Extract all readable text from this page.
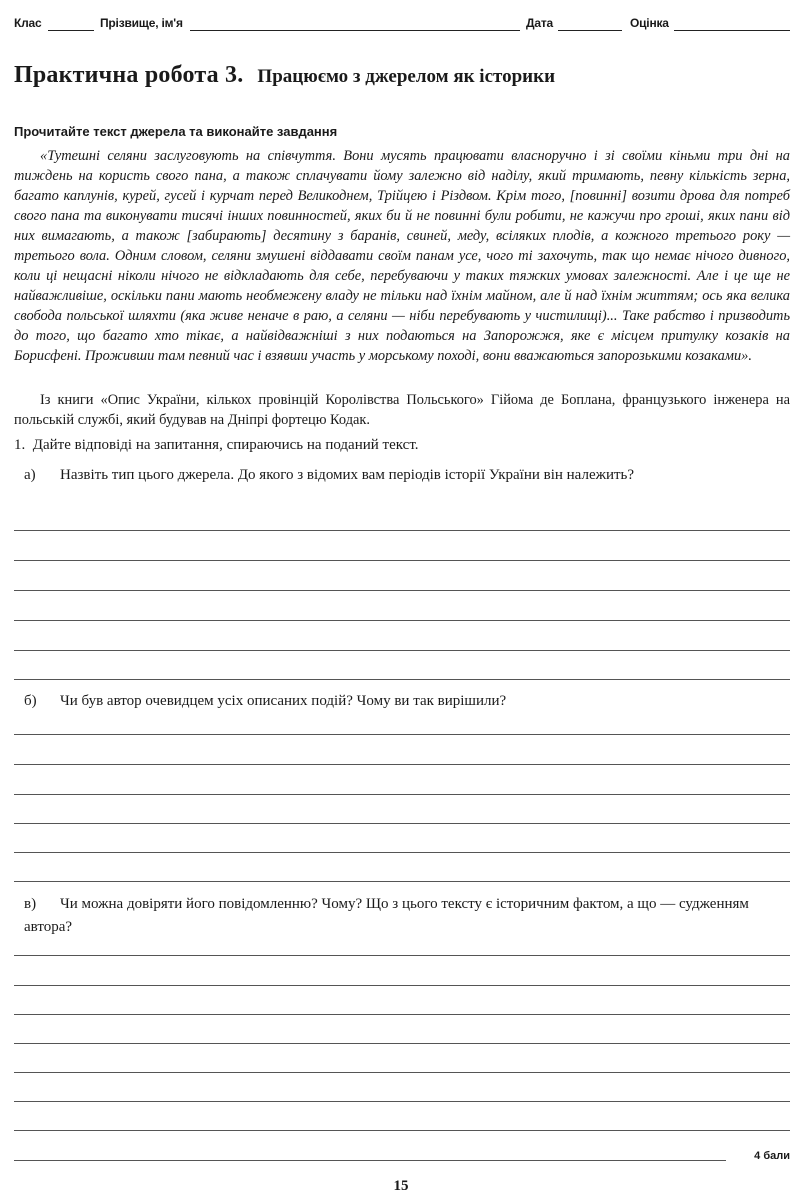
Клас	Прізвище, ім'я	Дата	Оцінка
Практична робота 3. Працюємо з джерелом як історики
Прочитайте текст джерела та виконайте завдання

«Тутешні селяни заслуговують на співчуття. Вони мусять працювати власноручно і зі своїми кіньми три дні на тиждень на користь свого пана, а також сплачувати йому залежно від наділу, який тримають, певну кількість зерна, багато каплунів, курей, гусей і курчат перед Великоднем, Трійцею і Різдвом. Крім того, [повинні] возити дрова для потреб свого пана та виконувати тисячі інших повинностей, яких би й не повинні були робити, не кажучи про гроші, яких пани від них вимагають, а також [забирають] десятину з баранів, свиней, меду, всіляких плодів, а кожного третього року — третього вола. Одним словом, селяни змушені віддавати своїм панам усе, чого ті захочуть, так що немає нічого дивного, коли ці нещасні ніколи нічого не відкладають для себе, перебуваючи у таких тяжких умовах залежності. Але і це ще не найважливіше, оскільки пани мають необмежену владу не тільки над їхнім майном, але й над їхнім життям; ось яка велика свобода польської шляхти (яка живе неначе в раю, а селяни — ніби перебувають у чистилищі)... Таке рабство і призводить до того, що багато хто тікає, а найвідважніші з них подаються на Запорожжя, яке є місцем притулку козаків на Борисфені. Проживши там певний час і взявши участь у морському поході, вони вважаються запорозькими козаками».

Із книги «Опис України, кількох провінцій Королівства Польського» Гійома де Боплана, французького інженера на польській службі, який будував на Дніпрі фортецю Кодак.

1. Дайте відповіді на запитання, спираючись на поданий текст.
а) Назвіть тип цього джерела. До якого з відомих вам періодів історії України він належить?
б) Чи був автор очевидцем усіх описаних подій? Чому ви так вирішили?
в) Чи можна довіряти його повідомленню? Чому? Що з цього тексту є історичним фактом, а що — судженням автора?
4 бали
15
